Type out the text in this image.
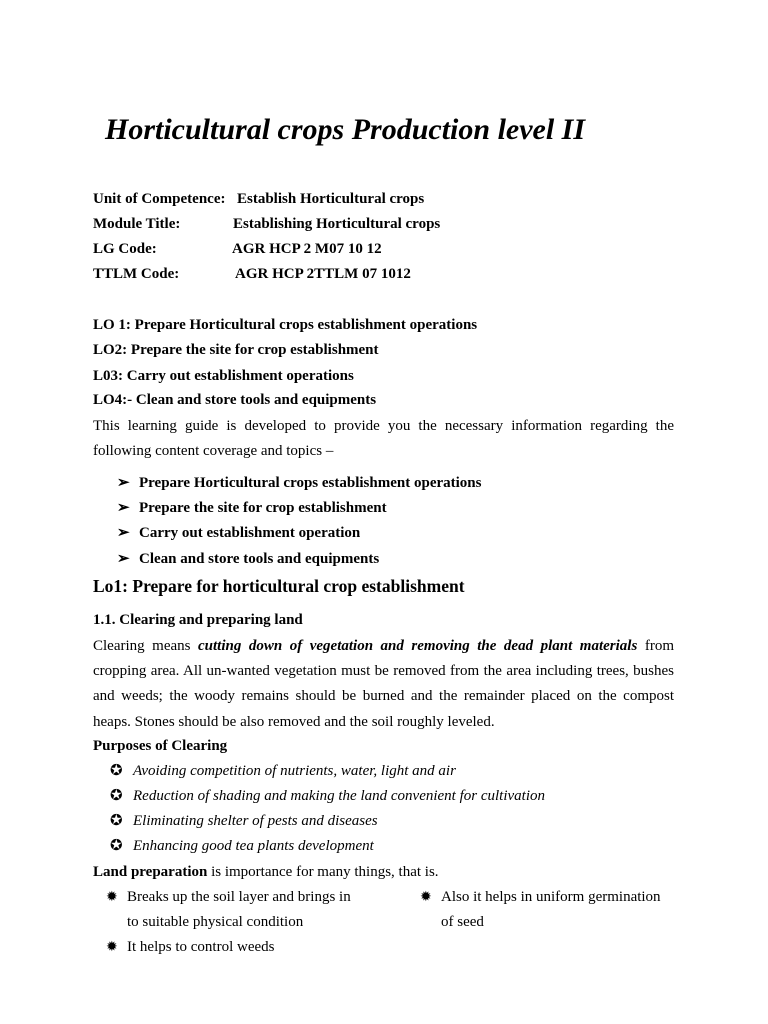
Horticultural crops Production level II
Unit of Competence: Establish Horticultural crops
Module Title:	Establishing Horticultural crops
LG Code:	AGR HCP 2 M07 10 12
TTLM Code:	AGR HCP 2TTLM 07 1012
LO 1: Prepare Horticultural crops establishment operations
LO2: Prepare the site for crop establishment
L03: Carry out establishment operations
LO4:- Clean and store tools and equipments
This learning guide is developed to provide you the necessary information regarding the following content coverage and topics –
➢ Prepare Horticultural crops establishment operations
➢ Prepare the site for crop establishment
➢ Carry out establishment operation
➢ Clean and store tools and equipments
Lo1: Prepare for horticultural crop establishment
1.1. Clearing and preparing land
Clearing means cutting down of vegetation and removing the dead plant materials from cropping area. All un-wanted vegetation must be removed from the area including trees, bushes and weeds; the woody remains should be burned and the remainder placed on the compost heaps. Stones should be also removed and the soil roughly leveled.
Purposes of Clearing
✪ Avoiding competition of nutrients, water, light and air
✪ Reduction of shading and making the land convenient for cultivation
✪ Eliminating shelter of pests and diseases
✪ Enhancing good tea plants development
Land preparation is importance for many things, that is.
✹ Breaks up the soil layer and brings in
to suitable physical condition
✹ Also it helps in uniform germination
of seed
✹ It helps to control weeds
